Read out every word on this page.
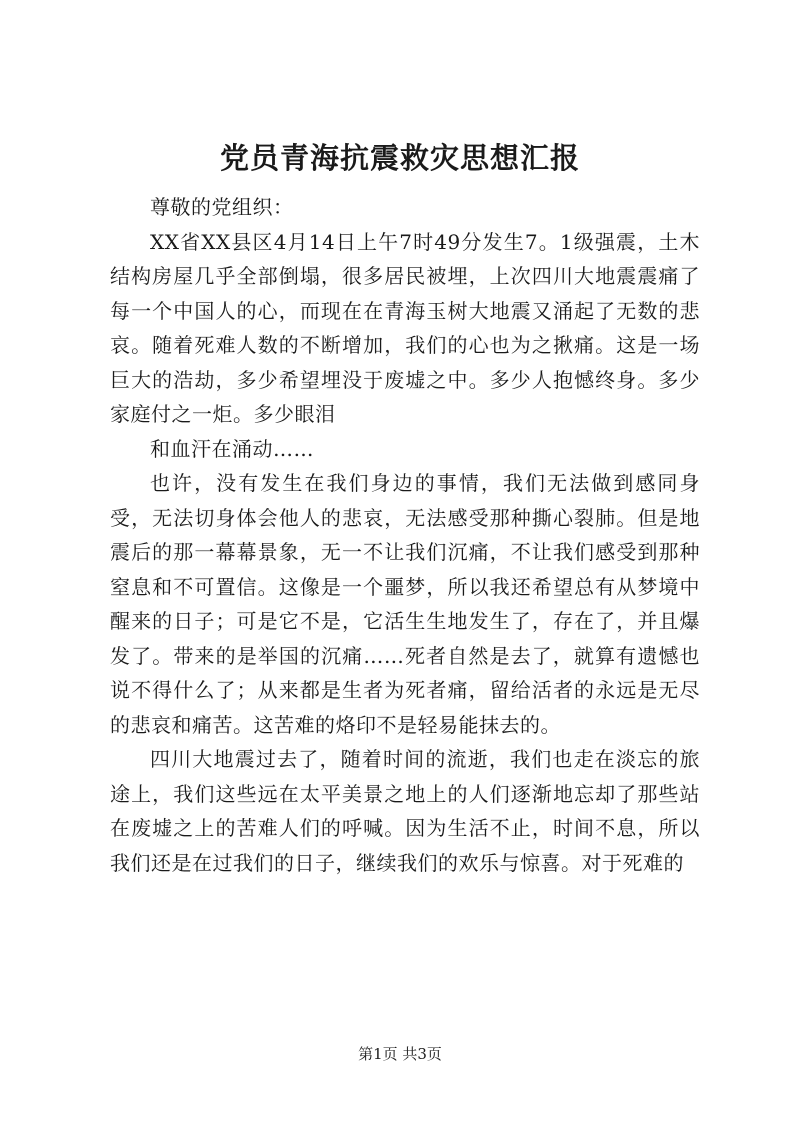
党员青海抗震救灾思想汇报

尊敬的党组织：

XX省XX县区4月14日上午7时49分发生7。1级强震，土木结构房屋几乎全部倒塌，很多居民被埋，上次四川大地震震痛了每一个中国人的心，而现在在青海玉树大地震又涌起了无数的悲哀。随着死难人数的不断增加，我们的心也为之揪痛。这是一场巨大的浩劫，多少希望埋没于废墟之中。多少人抱憾终身。多少家庭付之一炬。多少眼泪

和血汗在涌动……

也许，没有发生在我们身边的事情，我们无法做到感同身受，无法切身体会他人的悲哀，无法感受那种撕心裂肺。但是地震后的那一幕幕景象，无一不让我们沉痛，不让我们感受到那种窒息和不可置信。这像是一个噩梦，所以我还希望总有从梦境中醒来的日子；可是它不是，它活生生地发生了，存在了，并且爆发了。带来的是举国的沉痛……死者自然是去了，就算有遗憾也说不得什么了；从来都是生者为死者痛，留给活者的永远是无尽的悲哀和痛苦。这苦难的烙印不是轻易能抹去的。

四川大地震过去了，随着时间的流逝，我们也走在淡忘的旅途上，我们这些远在太平美景之地上的人们逐渐地忘却了那些站在废墟之上的苦难人们的呼喊。因为生活不止，时间不息，所以我们还是在过我们的日子，继续我们的欢乐与惊喜。对于死难的

第1页 共3页
